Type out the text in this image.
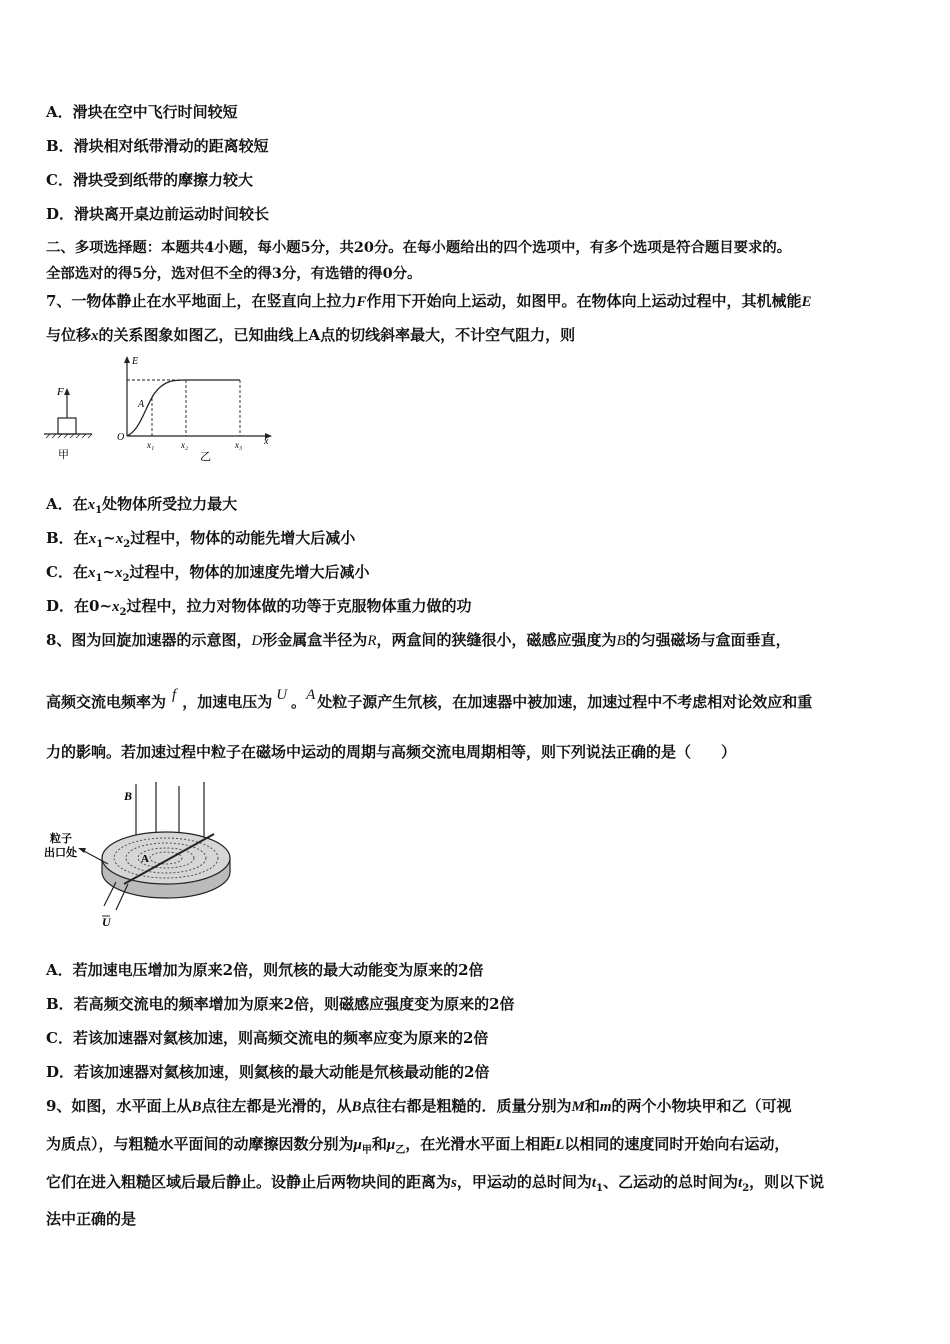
A．滑块在空中飞行时间较短
B．滑块相对纸带滑动的距离较短
C．滑块受到纸带的摩擦力较大
D．滑块离开桌边前运动时间较长
二、多项选择题：本题共4小题，每小题5分，共20分。在每小题给出的四个选项中，有多个选项是符合题目要求的。
全部选对的得5分，选对但不全的得3分，有选错的得0分。
7、一物体静止在水平地面上，在竖直向上拉力F作用下开始向上运动，如图甲。在物体向上运动过程中，其机械能E
与位移x的关系图象如图乙，已知曲线上A点的切线斜率最大，不计空气阻力，则
F
甲
E
A
O
x₁	x₂	x₃ x
乙
A．在$x_1$处物体所受拉力最大
B．在$x_1\sim x_2$过程中，物体的动能先增大后减小
C．在$x_1\sim x_2$过程中，物体的加速度先增大后减小
D．在$0\sim x_2$过程中，拉力对物体做的功等于克服物体重力做的功
8、图为回旋加速器的示意图，D形金属盒半径为R，两盒间的狭缝很小，磁感应强度为B的匀强磁场与盒面垂直，
高频交流电频率为 f ，加速电压为 U 。A 处粒子源产生氘核，在加速器中被加速，加速过程中不考虑相对论效应和重
力的影响。若加速过程中粒子在磁场中运动的周期与高频交流电周期相等，则下列说法正确的是（　　）
B
A
粒子
出口处
U
A．若加速电压增加为原来2倍，则氘核的最大动能变为原来的2倍
B．若高频交流电的频率增加为原来2倍，则磁感应强度变为原来的2倍
C．若该加速器对氦核加速，则高频交流电的频率应变为原来的2倍
D．若该加速器对氦核加速，则氦核的最大动能是氘核最动能的2倍
9、如图，水平面上从B点往左都是光滑的，从B点往右都是粗糙的．质量分别为M和m的两个小物块甲和乙（可视
为质点），与粗糙水平面间的动摩擦因数分别为$\mu_甲$和$\mu_乙$，在光滑水平面上相距L以相同的速度同时开始向右运动，
它们在进入粗糙区域后最后静止。设静止后两物块间的距离为s，甲运动的总时间为$t_1$、乙运动的总时间为$t_2$，则以下说
法中正确的是
